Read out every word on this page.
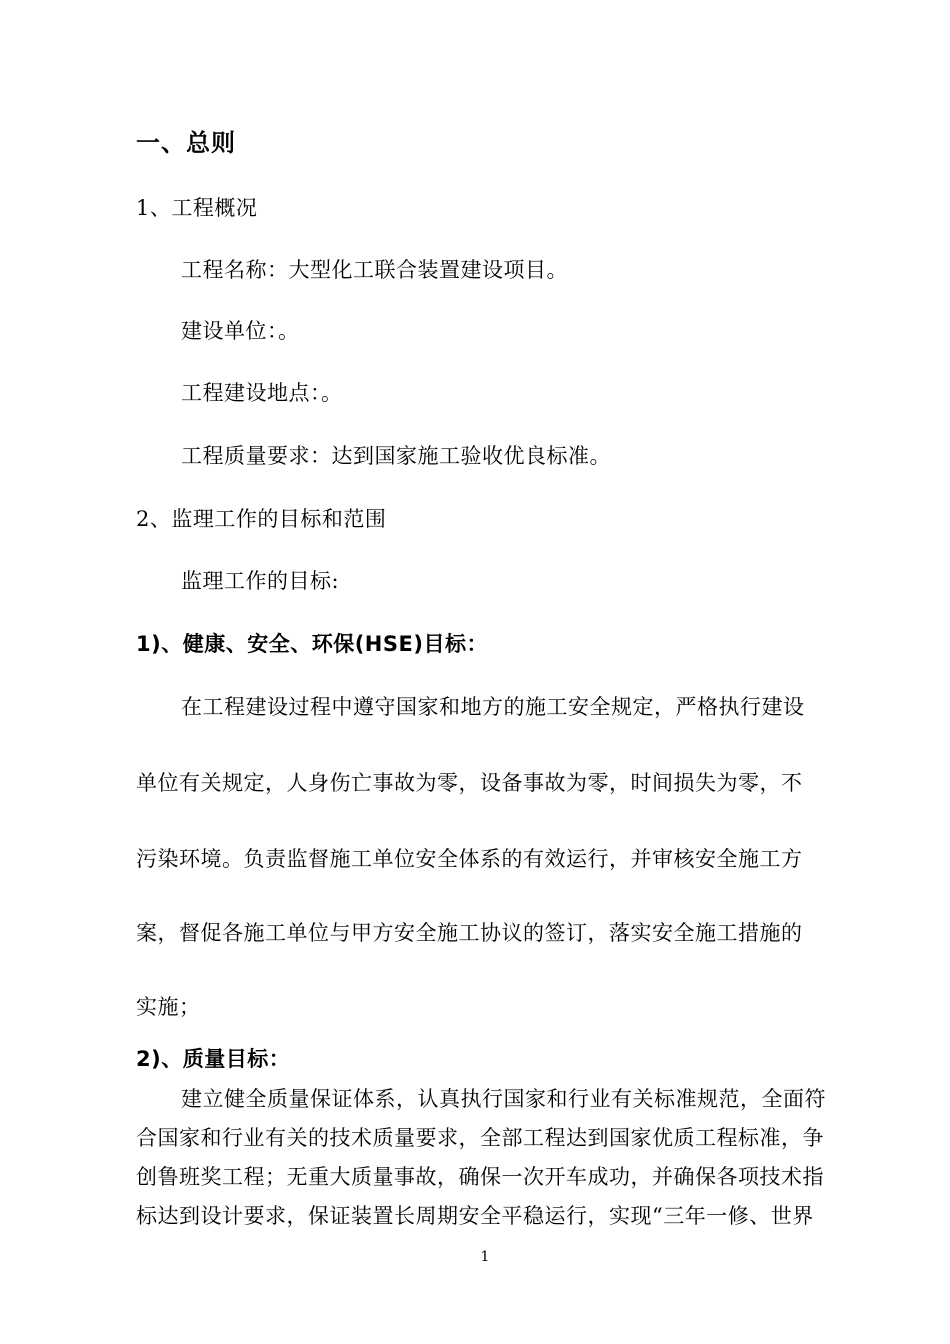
一、总则
1、工程概况
工程名称：大型化工联合装置建设项目。
建设单位：。
工程建设地点：。
工程质量要求：达到国家施工验收优良标准。
2、监理工作的目标和范围
监理工作的目标:
1)、健康、安全、环保(HSE)目标：
在工程建设过程中遵守国家和地方的施工安全规定，严格执行建设
单位有关规定，人身伤亡事故为零，设备事故为零，时间损失为零，不
污染环境。负责监督施工单位安全体系的有效运行，并审核安全施工方
案，督促各施工单位与甲方安全施工协议的签订，落实安全施工措施的
实施；
2)、质量目标：
建立健全质量保证体系，认真执行国家和行业有关标准规范，全面符
合国家和行业有关的技术质量要求，全部工程达到国家优质工程标准，争
创鲁班奖工程；无重大质量事故，确保一次开车成功，并确保各项技术指
标达到设计要求，保证装置长周期安全平稳运行，实现“三年一修、世界
1
